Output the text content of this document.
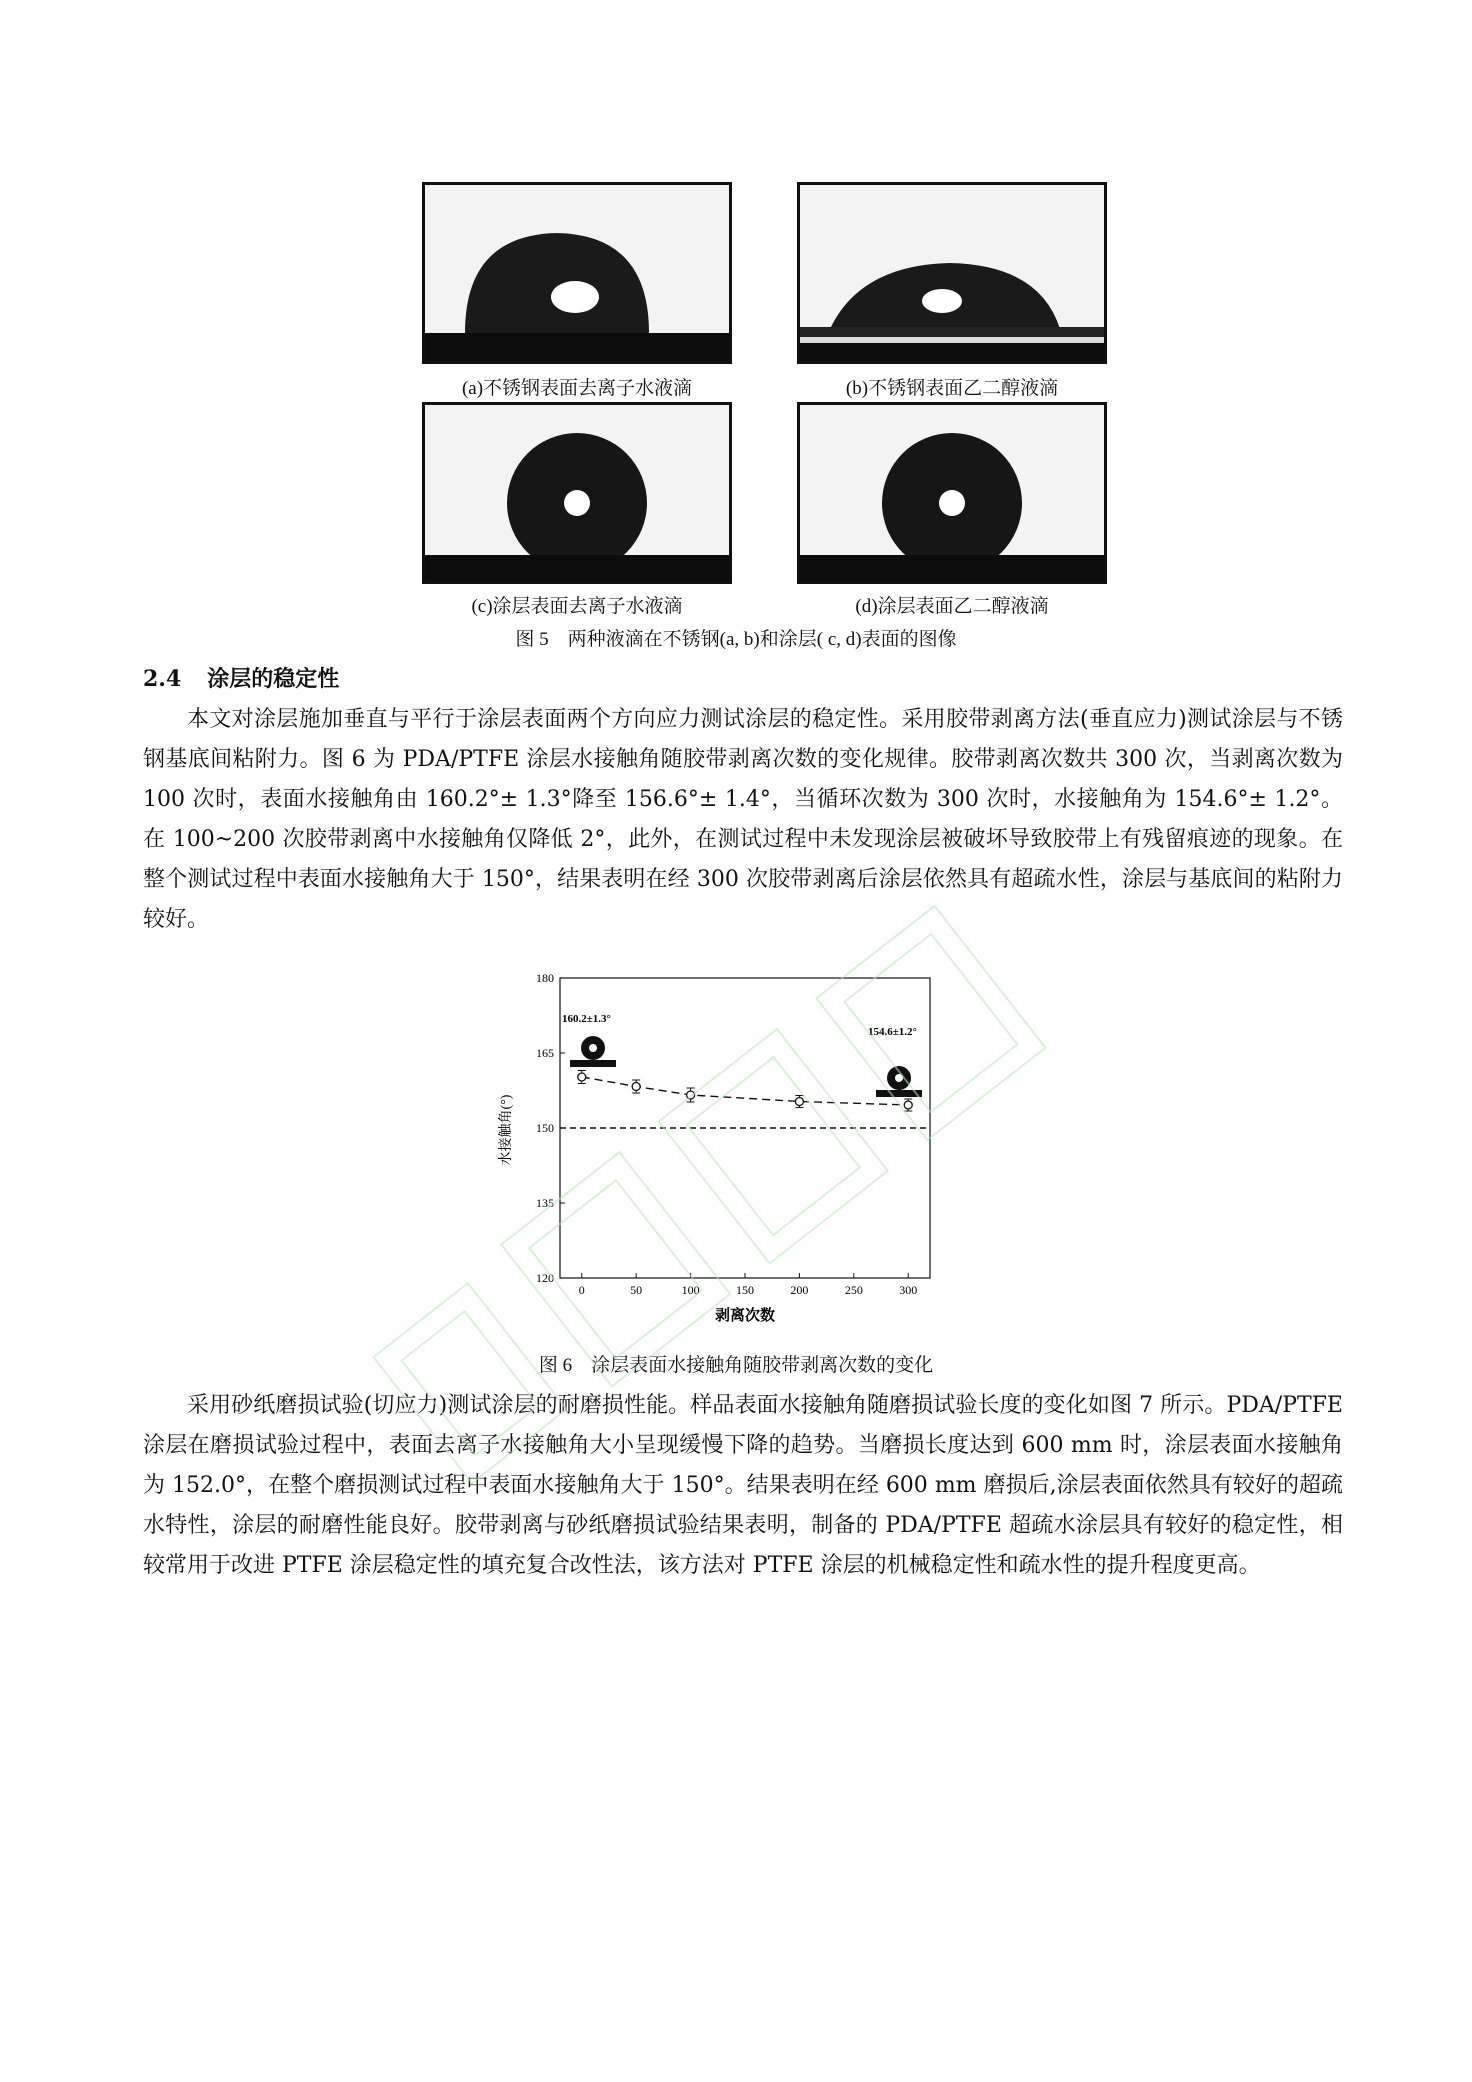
(a)不锈钢表面去离子水液滴	(b)不锈钢表面乙二醇液滴
(c)涂层表面去离子水液滴	(d)涂层表面乙二醇液滴
图 5　两种液滴在不锈钢(a, b)和涂层( c, d)表面的图像
2.4 涂层的稳定性

本文对涂层施加垂直与平行于涂层表面两个方向应力测试涂层的稳定性。采用胶带剥离方法(垂直应力)测试涂层与不锈钢基底间粘附力。图 6 为 PDA/PTFE 涂层水接触角随胶带剥离次数的变化规律。胶带剥离次数共 300 次，当剥离次数为 100 次时，表面水接触角由 160.2°± 1.3°降至 156.6°± 1.4°，当循环次数为 300 次时，水接触角为 154.6°± 1.2°。在 100~200 次胶带剥离中水接触角仅降低 2°，此外，在测试过程中未发现涂层被破坏导致胶带上有残留痕迹的现象。在整个测试过程中表面水接触角大于 150°，结果表明在经 300 次胶带剥离后涂层依然具有超疏水性，涂层与基底间的粘附力较好。

120
135
150
165
180
0	50	100	150	200	250	300
160.2±1.3°
154.6±1.2°
水接触角(°)
剥离次数
图 6　涂层表面水接触角随胶带剥离次数的变化

采用砂纸磨损试验(切应力)测试涂层的耐磨损性能。样品表面水接触角随磨损试验长度的变化如图 7 所示。PDA/PTFE 涂层在磨损试验过程中，表面去离子水接触角大小呈现缓慢下降的趋势。当磨损长度达到 600 mm 时，涂层表面水接触角为 152.0°，在整个磨损测试过程中表面水接触角大于 150°。结果表明在经 600 mm 磨损后,涂层表面依然具有较好的超疏水特性，涂层的耐磨性能良好。胶带剥离与砂纸磨损试验结果表明，制备的 PDA/PTFE 超疏水涂层具有较好的稳定性，相较常用于改进 PTFE 涂层稳定性的填充复合改性法，该方法对 PTFE 涂层的机械稳定性和疏水性的提升程度更高。
